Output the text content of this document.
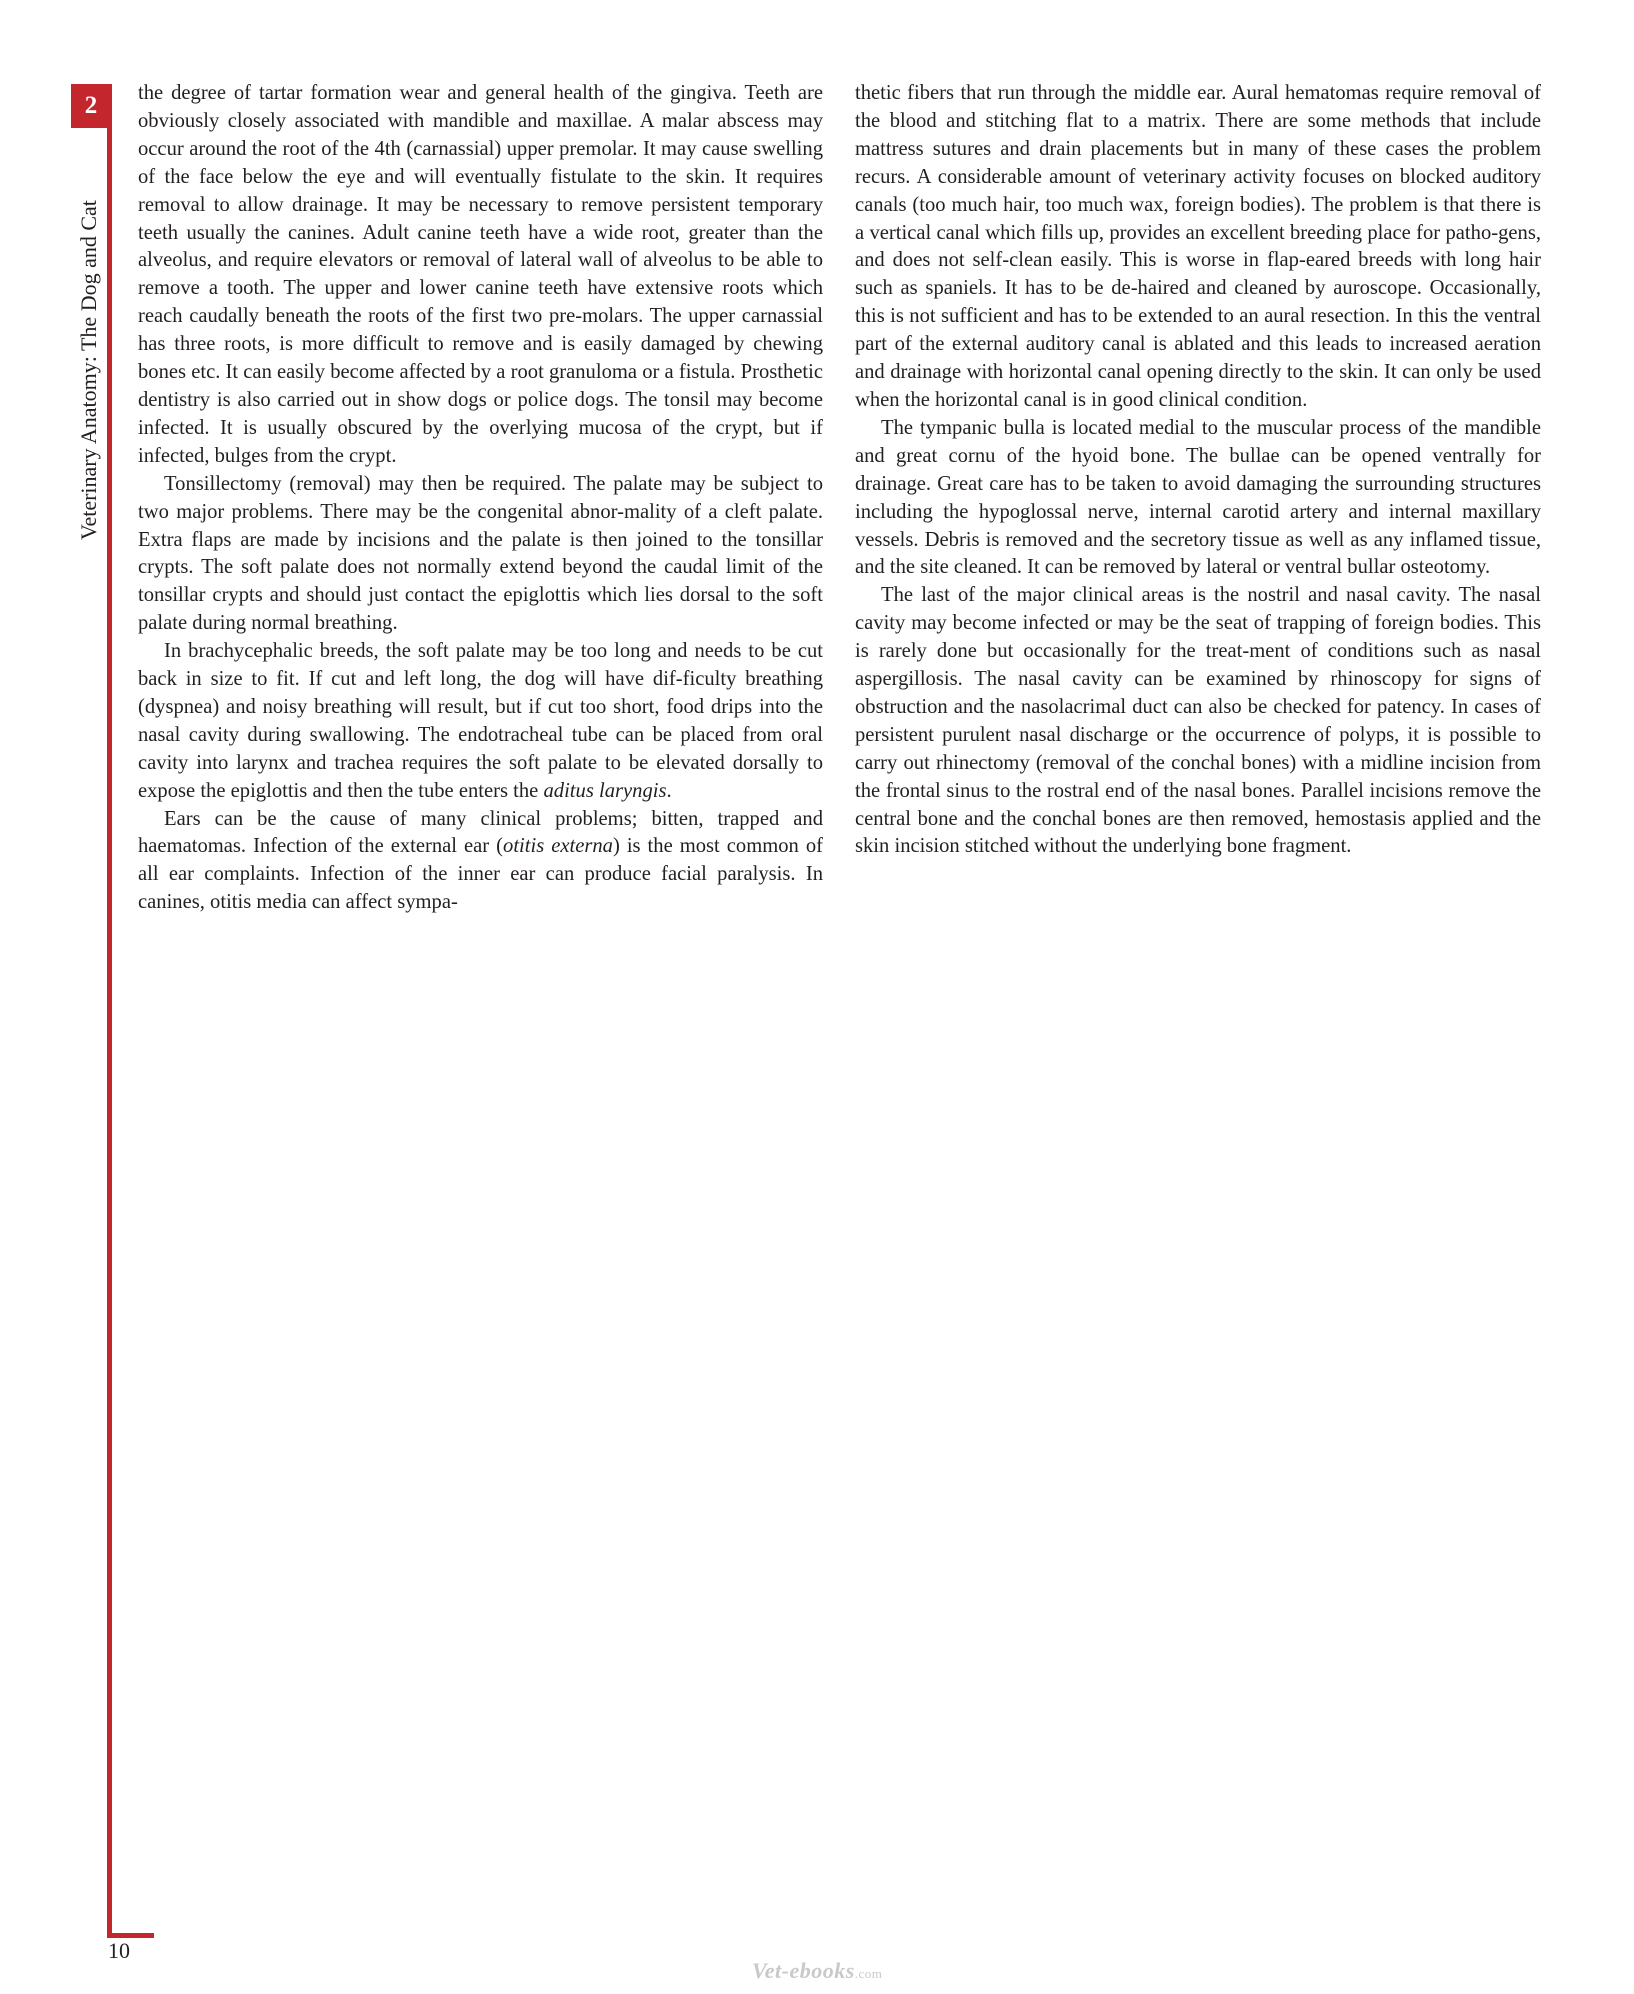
2
Veterinary Anatomy: The Dog and Cat

the degree of tartar formation wear and general health of the gingiva. Teeth are obviously closely associated with mandible and maxillae. A malar abscess may occur around the root of the 4th (carnassial) upper premolar. It may cause swelling of the face below the eye and will eventually fistulate to the skin. It requires removal to allow drainage. It may be necessary to remove persistent temporary teeth usually the canines. Adult canine teeth have a wide root, greater than the alveolus, and require elevators or removal of lateral wall of alveolus to be able to remove a tooth. The upper and lower canine teeth have extensive roots which reach caudally beneath the roots of the first two pre-molars. The upper carnassial has three roots, is more difficult to remove and is easily damaged by chewing bones etc. It can easily become affected by a root granuloma or a fistula. Prosthetic dentistry is also carried out in show dogs or police dogs. The tonsil may become infected. It is usually obscured by the overlying mucosa of the crypt, but if infected, bulges from the crypt.

Tonsillectomy (removal) may then be required. The palate may be subject to two major problems. There may be the congenital abnor-mality of a cleft palate. Extra flaps are made by incisions and the palate is then joined to the tonsillar crypts. The soft palate does not normally extend beyond the caudal limit of the tonsillar crypts and should just contact the epiglottis which lies dorsal to the soft palate during normal breathing.

In brachycephalic breeds, the soft palate may be too long and needs to be cut back in size to fit. If cut and left long, the dog will have dif-ficulty breathing (dyspnea) and noisy breathing will result, but if cut too short, food drips into the nasal cavity during swallowing. The endotracheal tube can be placed from oral cavity into larynx and trachea requires the soft palate to be elevated dorsally to expose the epiglottis and then the tube enters the aditus laryngis.

Ears can be the cause of many clinical problems; bitten, trapped and haematomas. Infection of the external ear (otitis externa) is the most common of all ear complaints. Infection of the inner ear can produce facial paralysis. In canines, otitis media can affect sympa-

thetic fibers that run through the middle ear. Aural hematomas require removal of the blood and stitching flat to a matrix. There are some methods that include mattress sutures and drain placements but in many of these cases the problem recurs. A considerable amount of veterinary activity focuses on blocked auditory canals (too much hair, too much wax, foreign bodies). The problem is that there is a vertical canal which fills up, provides an excellent breeding place for patho-gens, and does not self-clean easily. This is worse in flap-eared breeds with long hair such as spaniels. It has to be de-haired and cleaned by auroscope. Occasionally, this is not sufficient and has to be extended to an aural resection. In this the ventral part of the external auditory canal is ablated and this leads to increased aeration and drainage with horizontal canal opening directly to the skin. It can only be used when the horizontal canal is in good clinical condition.

The tympanic bulla is located medial to the muscular process of the mandible and great cornu of the hyoid bone. The bullae can be opened ventrally for drainage. Great care has to be taken to avoid damaging the surrounding structures including the hypoglossal nerve, internal carotid artery and internal maxillary vessels. Debris is removed and the secretory tissue as well as any inflamed tissue, and the site cleaned. It can be removed by lateral or ventral bullar osteotomy.

The last of the major clinical areas is the nostril and nasal cavity. The nasal cavity may become infected or may be the seat of trapping of foreign bodies. This is rarely done but occasionally for the treat-ment of conditions such as nasal aspergillosis. The nasal cavity can be examined by rhinoscopy for signs of obstruction and the nasolacrimal duct can also be checked for patency. In cases of persistent purulent nasal discharge or the occurrence of polyps, it is possible to carry out rhinectomy (removal of the conchal bones) with a midline incision from the frontal sinus to the rostral end of the nasal bones. Parallel incisions remove the central bone and the conchal bones are then removed, hemostasis applied and the skin incision stitched without the underlying bone fragment.

10
Vet-ebooks.com
